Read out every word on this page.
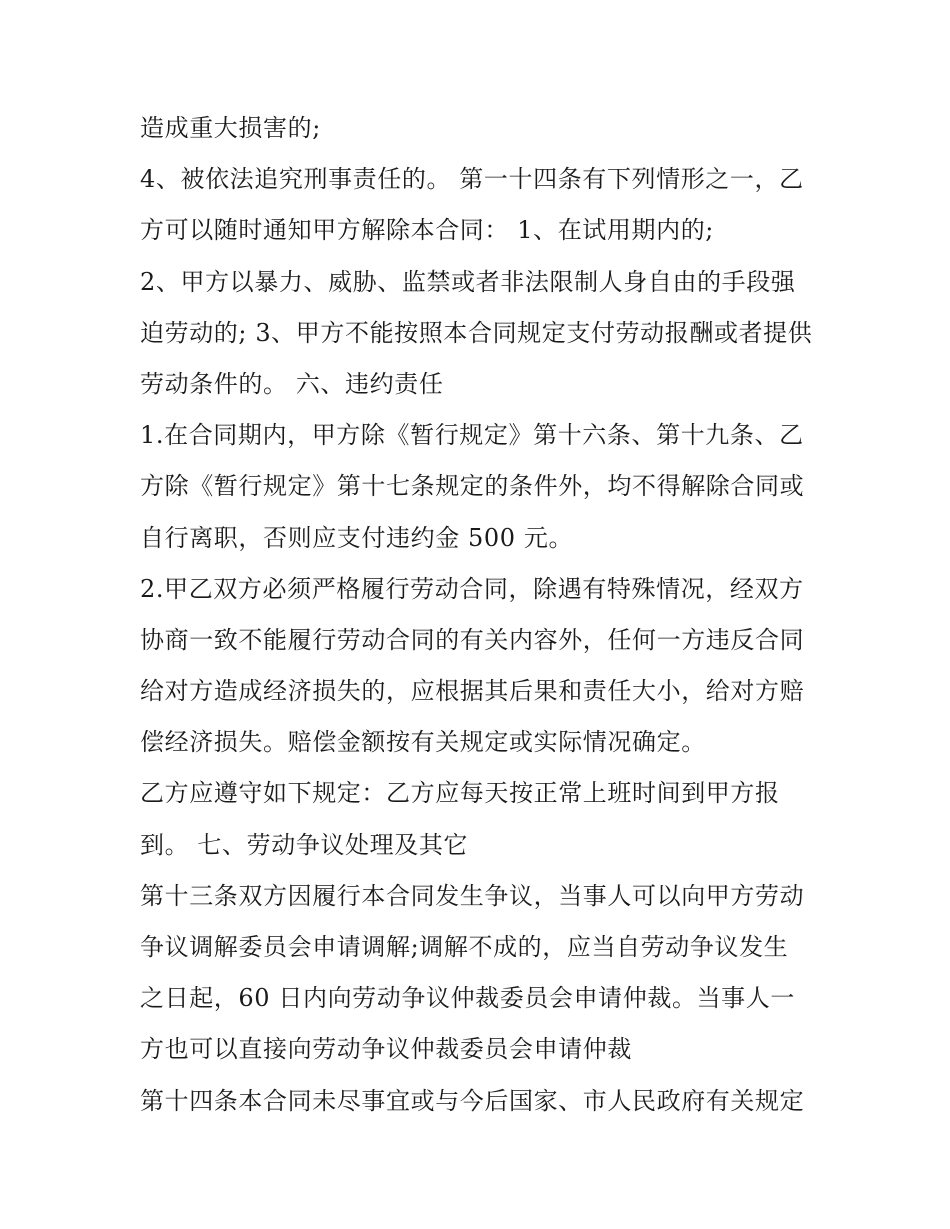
造成重大损害的;
4、被依法追究刑事责任的。 第一十四条有下列情形之一，乙
方可以随时通知甲方解除本合同： 1、在试用期内的;
2、甲方以暴力、威胁、监禁或者非法限制人身自由的手段强
迫劳动的; 3、甲方不能按照本合同规定支付劳动报酬或者提供
劳动条件的。 六、违约责任
1.在合同期内，甲方除《暂行规定》第十六条、第十九条、乙
方除《暂行规定》第十七条规定的条件外，均不得解除合同或
自行离职，否则应支付违约金 500 元。
2.甲乙双方必须严格履行劳动合同，除遇有特殊情况，经双方
协商一致不能履行劳动合同的有关内容外，任何一方违反合同
给对方造成经济损失的，应根据其后果和责任大小，给对方赔
偿经济损失。赔偿金额按有关规定或实际情况确定。
乙方应遵守如下规定：乙方应每天按正常上班时间到甲方报
到。 七、劳动争议处理及其它
第十三条双方因履行本合同发生争议，当事人可以向甲方劳动
争议调解委员会申请调解;调解不成的，应当自劳动争议发生
之日起，60 日内向劳动争议仲裁委员会申请仲裁。当事人一
方也可以直接向劳动争议仲裁委员会申请仲裁
第十四条本合同未尽事宜或与今后国家、市人民政府有关规定
